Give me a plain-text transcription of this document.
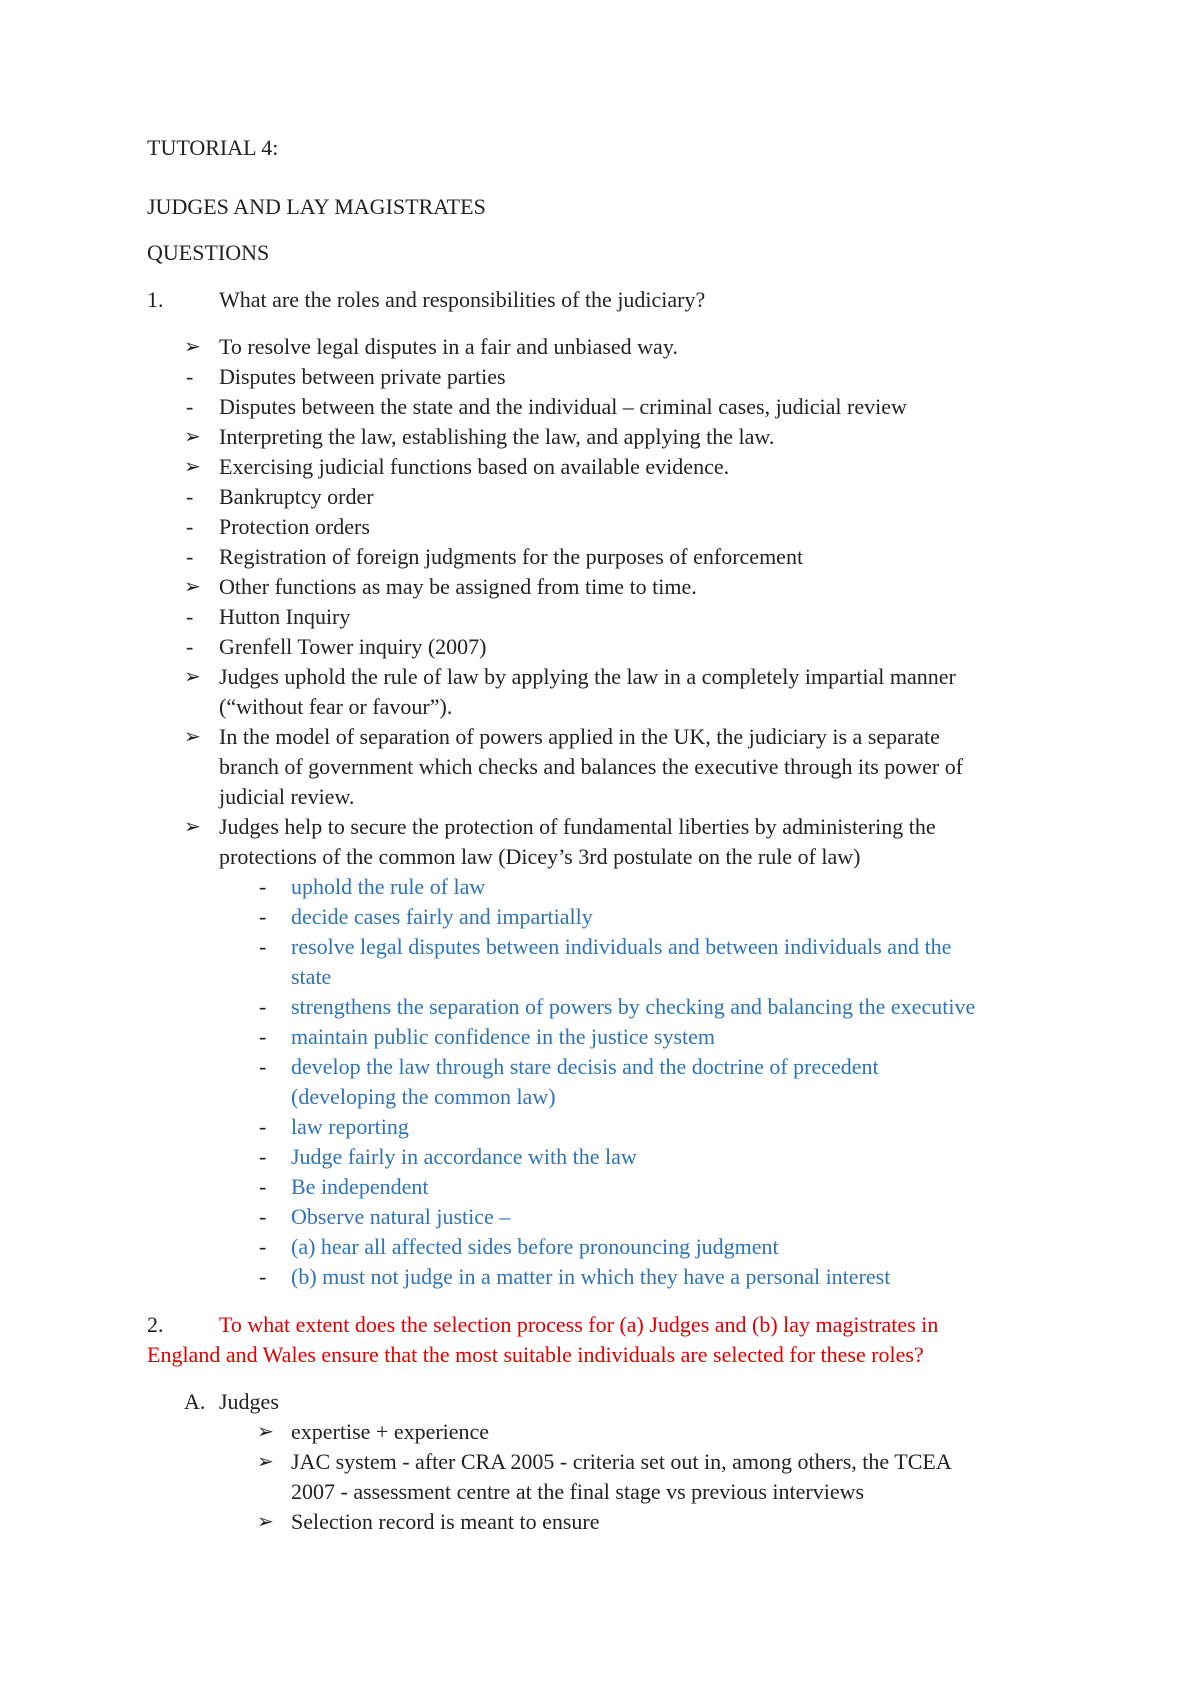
TUTORIAL 4:
JUDGES AND LAY MAGISTRATES
QUESTIONS
1.	What are the roles and responsibilities of the judiciary?
➢ To resolve legal disputes in a fair and unbiased way.
- Disputes between private parties
- Disputes between the state and the individual – criminal cases, judicial review
➢ Interpreting the law, establishing the law, and applying the law.
➢ Exercising judicial functions based on available evidence.
- Bankruptcy order
- Protection orders
- Registration of foreign judgments for the purposes of enforcement
➢ Other functions as may be assigned from time to time.
- Hutton Inquiry
- Grenfell Tower inquiry (2007)
➢ Judges uphold the rule of law by applying the law in a completely impartial manner
(“without fear or favour”).
➢ In the model of separation of powers applied in the UK, the judiciary is a separate
branch of government which checks and balances the executive through its power of
judicial review.
➢ Judges help to secure the protection of fundamental liberties by administering the
protections of the common law (Dicey’s 3rd postulate on the rule of law)
- uphold the rule of law
- decide cases fairly and impartially
- resolve legal disputes between individuals and between individuals and the
state
- strengthens the separation of powers by checking and balancing the executive
- maintain public confidence in the justice system
- develop the law through stare decisis and the doctrine of precedent
(developing the common law)
- law reporting
- Judge fairly in accordance with the law
- Be independent
- Observe natural justice –
- (a) hear all affected sides before pronouncing judgment
- (b) must not judge in a matter in which they have a personal interest
2.	To what extent does the selection process for (a) Judges and (b) lay magistrates in
England and Wales ensure that the most suitable individuals are selected for these roles?
A. Judges
➢ expertise + experience
➢ JAC system - after CRA 2005 - criteria set out in, among others, the TCEA
2007 - assessment centre at the final stage vs previous interviews
➢ Selection record is meant to ensure
